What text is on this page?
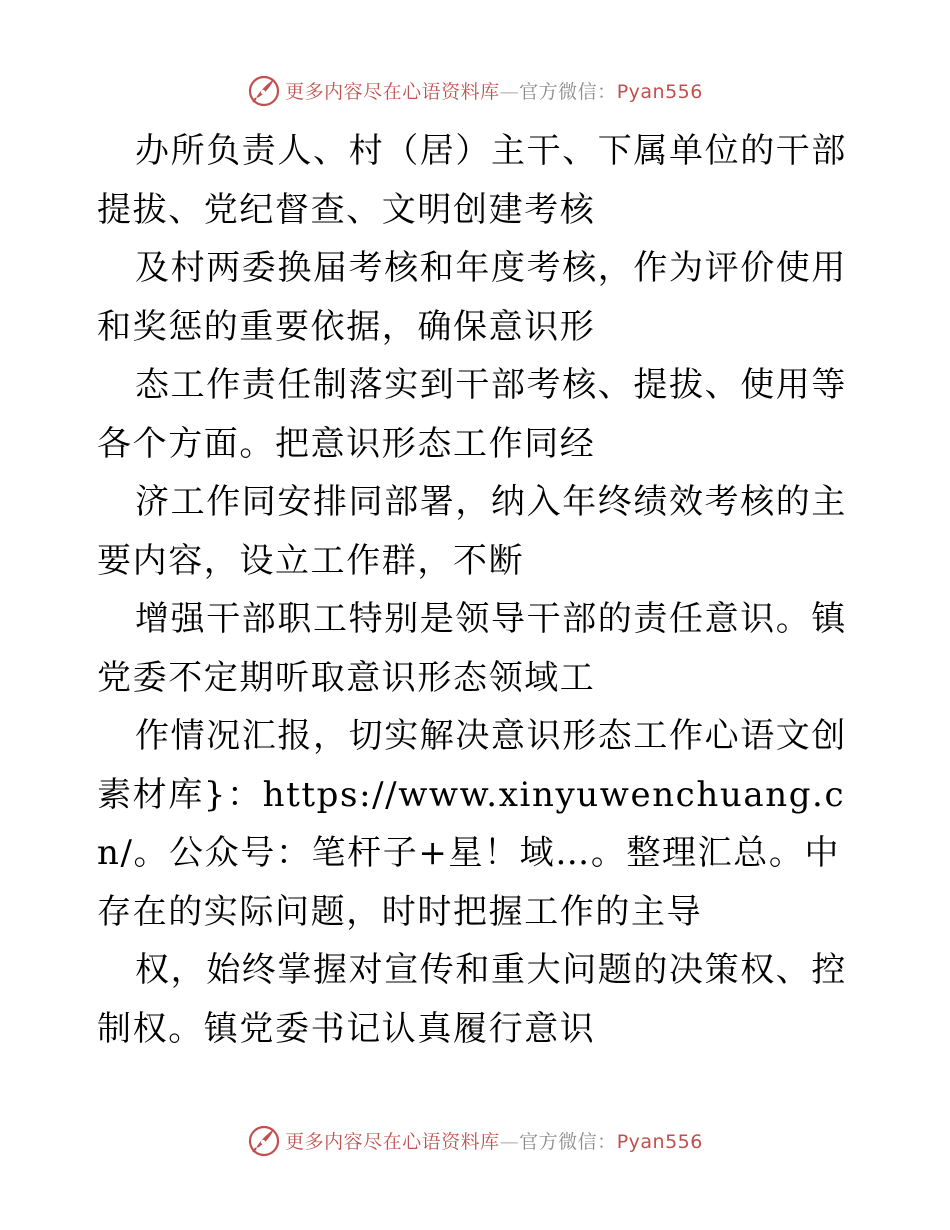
更多内容尽在心语资料库—官方微信：Pyan556

办所负责人、村（居）主干、下属单位的干部提拔、党纪督查、文明创建考核

及村两委换届考核和年度考核，作为评价使用和奖惩的重要依据，确保意识形

态工作责任制落实到干部考核、提拔、使用等各个方面。把意识形态工作同经

济工作同安排同部署，纳入年终绩效考核的主要内容，设立工作群，不断

增强干部职工特别是领导干部的责任意识。镇党委不定期听取意识形态领域工

作情况汇报，切实解决意识形态工作心语文创素材库}：https://www.xinyuwenchuang.cn/。公众号：笔杆子+星！域…。整理汇总。中存在的实际问题，时时把握工作的主导

权，始终掌握对宣传和重大问题的决策权、控制权。镇党委书记认真履行意识

更多内容尽在心语资料库—官方微信：Pyan556
